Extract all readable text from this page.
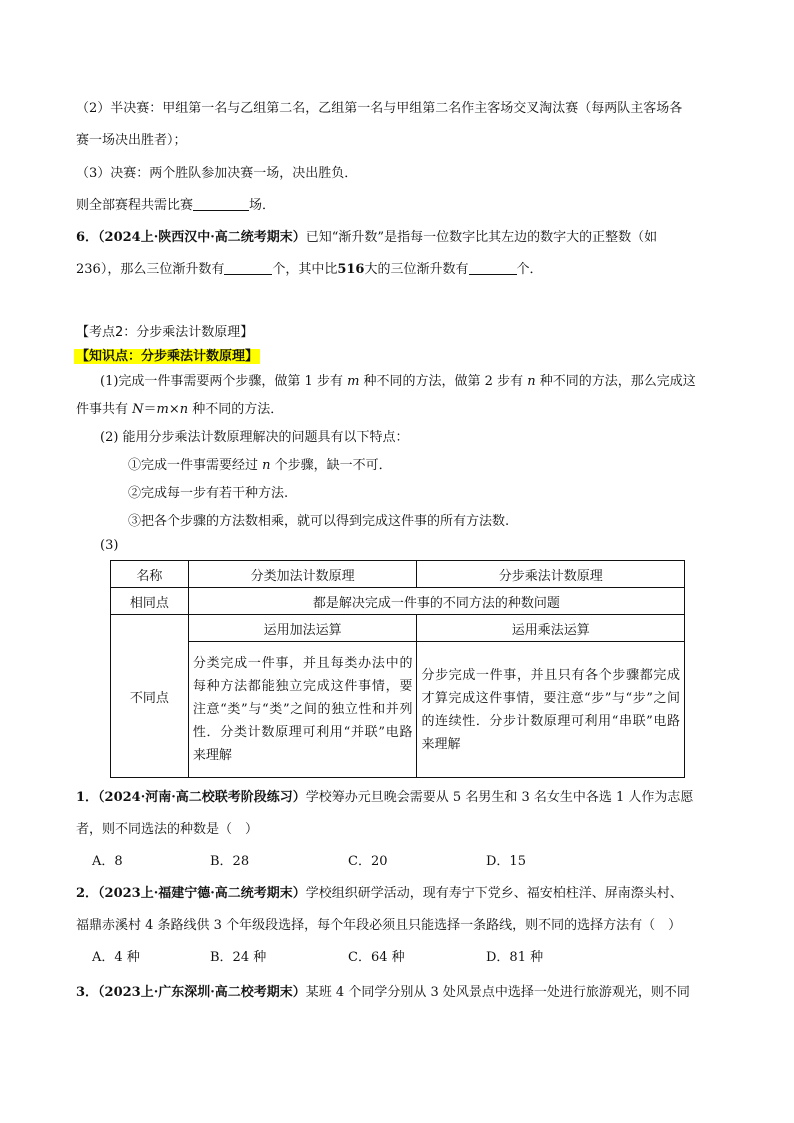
（2）半决赛：甲组第一名与乙组第二名，乙组第一名与甲组第二名作主客场交叉淘汰赛（每两队主客场各
赛一场决出胜者）；
（3）决赛：两个胜队参加决赛一场，决出胜负．
则全部赛程共需比赛	场．
6．（2024上·陕西汉中·高二统考期末）已知“渐升数”是指每一位数字比其左边的数字大的正整数（如
236），那么三位渐升数有	个，其中比516大的三位渐升数有	个．
【考点2：分步乘法计数原理】
【知识点：分步乘法计数原理】
(1)完成一件事需要两个步骤，做第 1 步有 m 种不同的方法，做第 2 步有 n 种不同的方法，那么完成这
件事共有 N＝m×n 种不同的方法．
(2) 能用分步乘法计数原理解决的问题具有以下特点：
①完成一件事需要经过 n 个步骤，缺一不可．
②完成每一步有若干种方法.
③把各个步骤的方法数相乘，就可以得到完成这件事的所有方法数.
(3)
名称	分类加法计数原理	分步乘法计数原理
相同点	都是解决完成一件事的不同方法的种数问题	
不同点	运用加法运算	运用乘法运算
	分类完成一件事，并且每类办法中的每种方法都能独立完成这件事情，要注意“类”与“类”之间的独立性和并列性．分类计数原理可利用“并联”电路来理解	分步完成一件事，并且只有各个步骤都完成才算完成这件事情，要注意“步”与“步”之间的连续性．分步计数原理可利用“串联”电路来理解
1．（2024·河南·高二校联考阶段练习）学校筹办元旦晚会需要从 5 名男生和 3 名女生中各选 1 人作为志愿
者，则不同选法的种数是（　）
A．8	B．28	C．20	D．15
2．（2023上·福建宁德·高二统考期末）学校组织研学活动，现有寿宁下党乡、福安柏柱洋、屏南漈头村、
福鼎赤溪村 4 条路线供 3 个年级段选择，每个年段必须且只能选择一条路线，则不同的选择方法有（　）
A．4 种	B．24 种	C．64 种	D．81 种
3．（2023上·广东深圳·高二校考期末）某班 4 个同学分别从 3 处风景点中选择一处进行旅游观光，则不同
